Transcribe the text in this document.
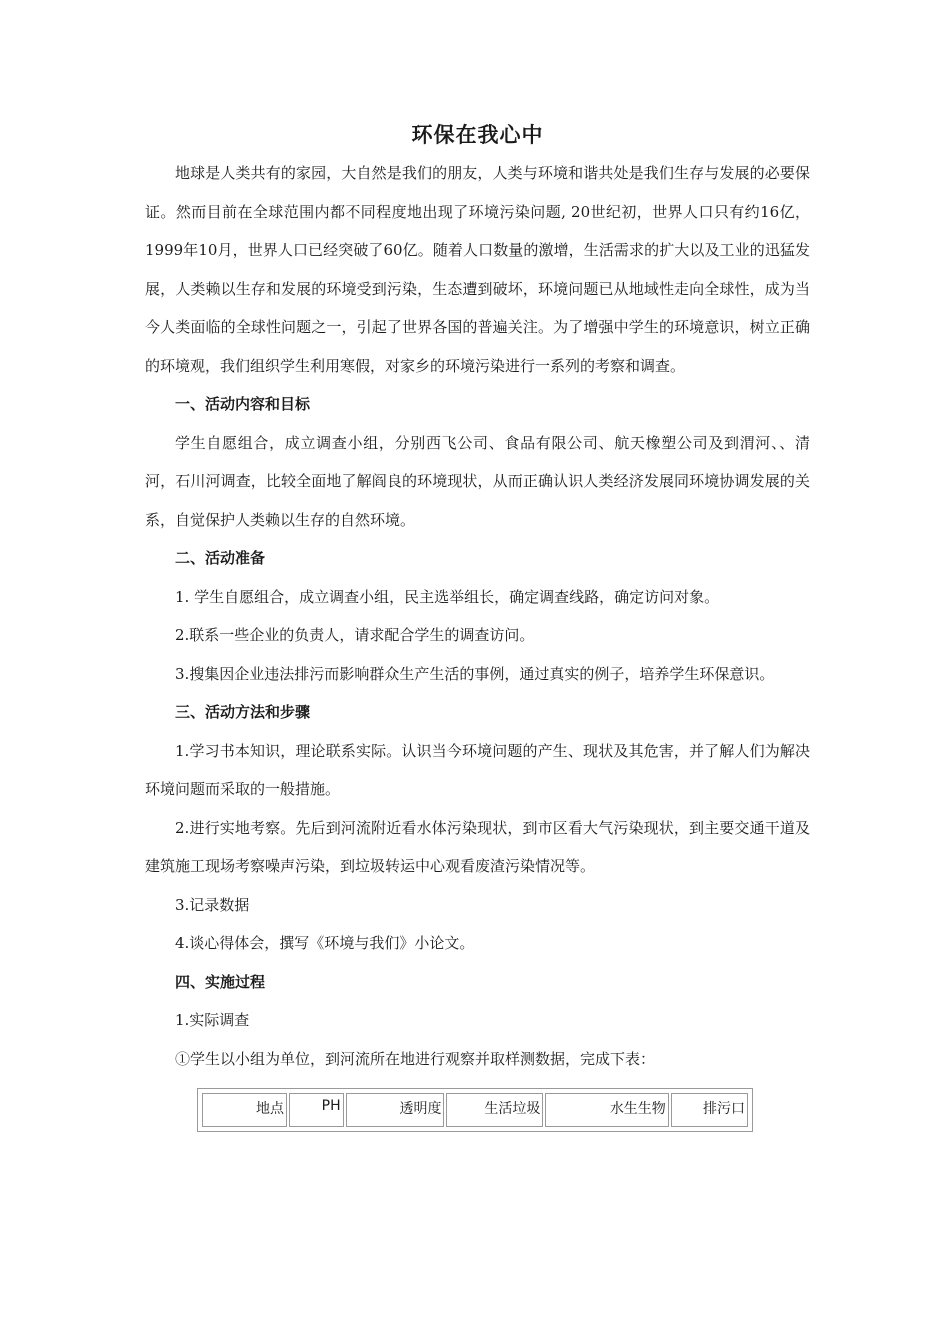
环保在我心中

地球是人类共有的家园，大自然是我们的朋友，人类与环境和谐共处是我们生存与发展的必要保证。然而目前在全球范围内都不同程度地出现了环境污染问题, 20世纪初，世界人口只有约16亿，1999年10月，世界人口已经突破了60亿。随着人口数量的激增，生活需求的扩大以及工业的迅猛发展，人类赖以生存和发展的环境受到污染，生态遭到破坏，环境问题已从地域性走向全球性，成为当今人类面临的全球性问题之一，引起了世界各国的普遍关注。为了增强中学生的环境意识，树立正确的环境观，我们组织学生利用寒假，对家乡的环境污染进行一系列的考察和调查。

一、活动内容和目标

学生自愿组合，成立调查小组，分别西飞公司、食品有限公司、航天橡塑公司及到渭河、、清河，石川河调查，比较全面地了解阎良的环境现状，从而正确认识人类经济发展同环境协调发展的关系，自觉保护人类赖以生存的自然环境。

二、活动准备

1. 学生自愿组合，成立调查小组，民主选举组长，确定调查线路，确定访问对象。

2.联系一些企业的负责人，请求配合学生的调查访问。

3.搜集因企业违法排污而影响群众生产生活的事例，通过真实的例子，培养学生环保意识。

三、活动方法和步骤

1.学习书本知识，理论联系实际。认识当今环境问题的产生、现状及其危害，并了解人们为解决环境问题而采取的一般措施。

2.进行实地考察。先后到河流附近看水体污染现状，到市区看大气污染现状，到主要交通干道及建筑施工现场考察噪声污染，到垃圾转运中心观看废渣污染情况等。

3.记录数据

4.谈心得体会，撰写《环境与我们》小论文。

四、实施过程

1.实际调查

①学生以小组为单位，到河流所在地进行观察并取样测数据，完成下表：

地点	PH	透明度	生活垃圾	水生生物	排污口
